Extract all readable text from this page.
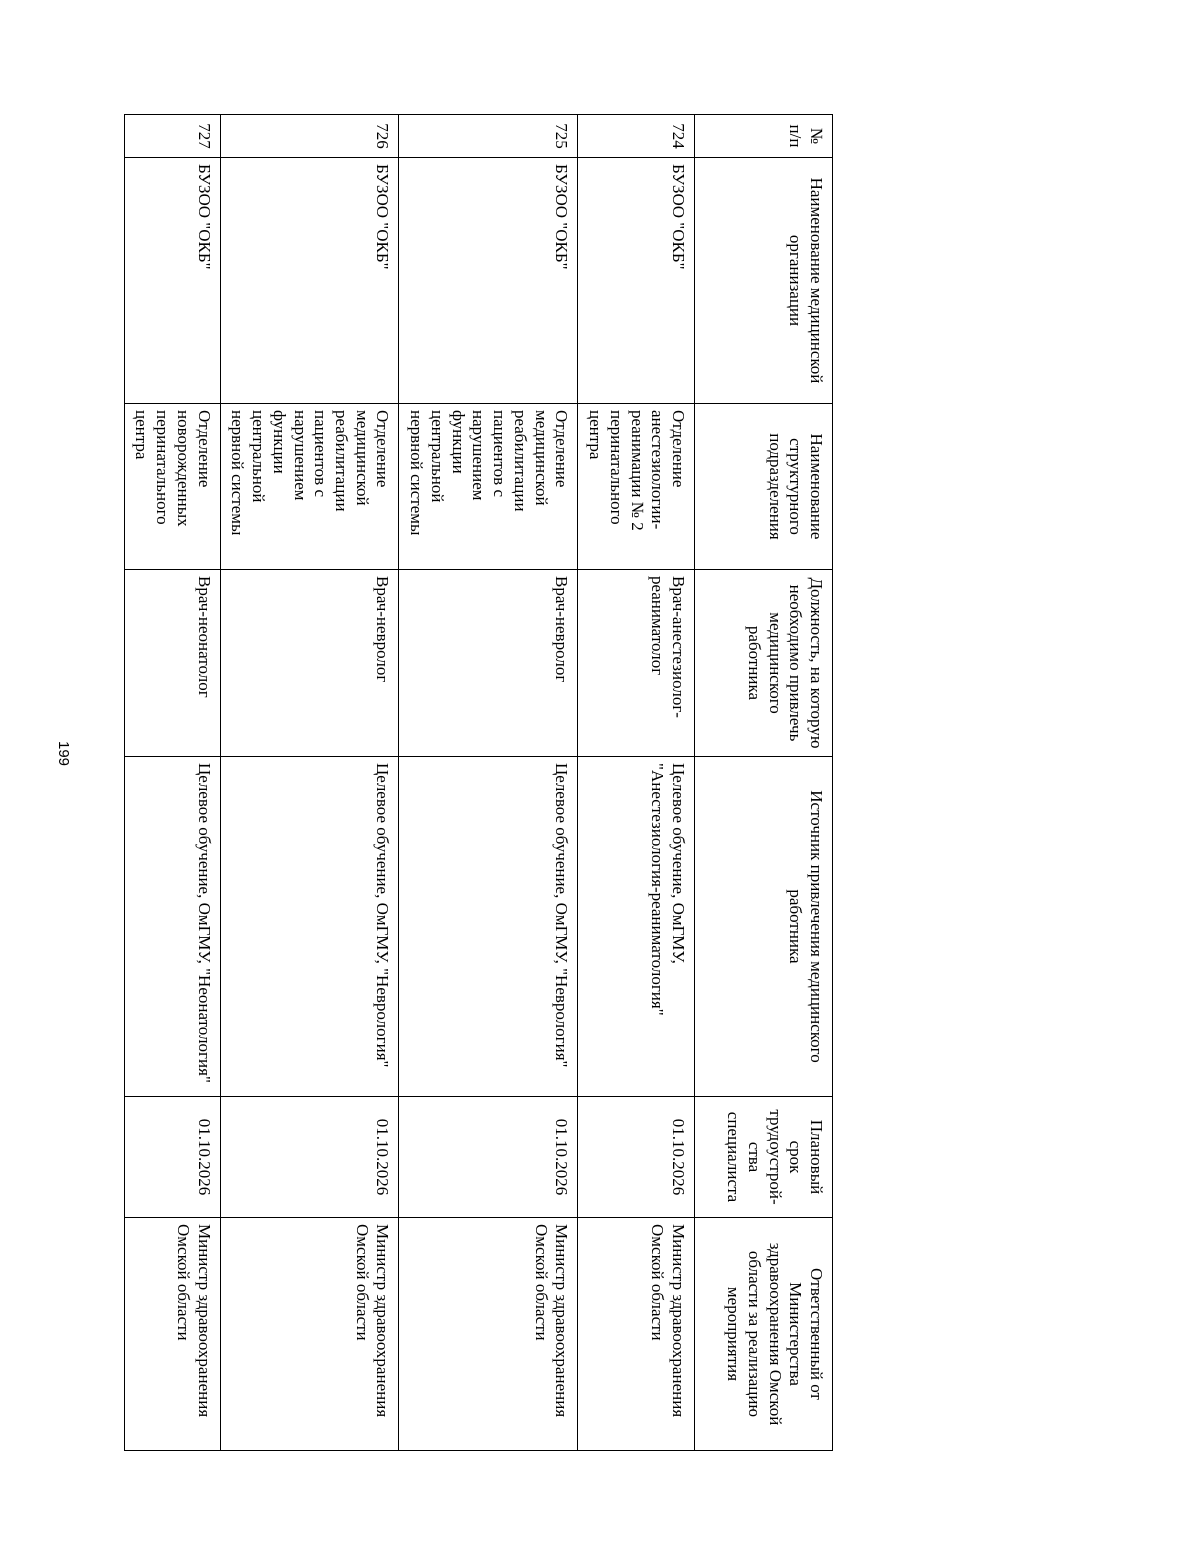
199
№ п/п	Наименование медицинской организации	Наименование структурного подразделения	Должность, на которую необходимо привлечь медицинского работника	Источник привлечения медицинского работника	Плановый срок трудоустрой-ства специалиста	Ответственный от Министерства здравоохранения Омской области за реализацию мероприятия
724	БУЗОО "ОКБ"	Отделение анестезиологии-реанимации № 2 перинатального центра	Врач-анестезиолог-реаниматолог	Целевое обучение, ОмГМУ, "Анестезиология-реаниматология"	01.10.2026	Министр здравоохранения Омской области
725	БУЗОО "ОКБ"	Отделение медицинской реабилитации пациентов с нарушением функции центральной нервной системы	Врач-невролог	Целевое обучение, ОмГМУ, "Неврология"	01.10.2026	Министр здравоохранения Омской области
726	БУЗОО "ОКБ"	Отделение медицинской реабилитации пациентов с нарушением функции центральной нервной системы	Врач-невролог	Целевое обучение, ОмГМУ, "Неврология"	01.10.2026	Министр здравоохранения Омской области
727	БУЗОО "ОКБ"	Отделение новорожденных перинатального центра	Врач-неонатолог	Целевое обучение, ОмГМУ, "Неонатология"	01.10.2026	Министр здравоохранения Омской области
